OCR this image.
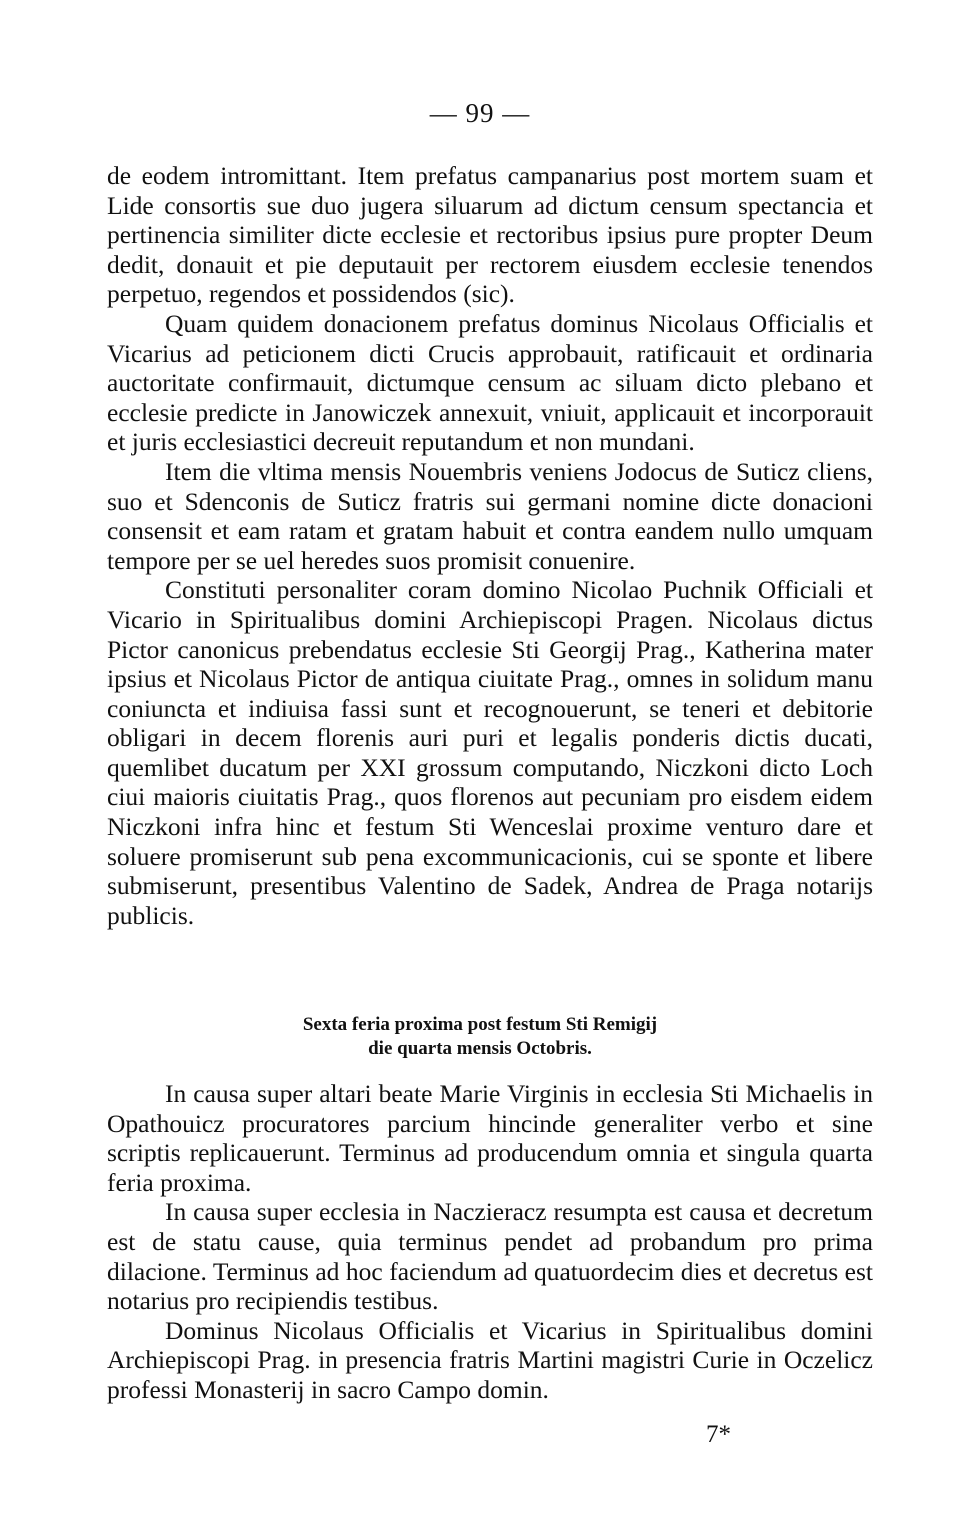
— 99 —

de eodem intromittant. Item prefatus campanarius post mortem suam et Lide consortis sue duo jugera siluarum ad dictum censum spectancia et pertinencia similiter dicte ecclesie et rectoribus ipsius pure propter Deum dedit, donauit et pie deputauit per rectorem eiusdem ecclesie tenendos perpetuo, regendos et possidendos (sic).

Quam quidem donacionem prefatus dominus Nicolaus Officialis et Vicarius ad peticionem dicti Crucis approbauit, ratificauit et ordinaria auctoritate confirmauit, dictumque censum ac siluam dicto plebano et ecclesie predicte in Janowiczek annexuit, vniuit, applicauit et incorporauit et juris ecclesiastici decreuit reputandum et non mundani.

Item die vltima mensis Nouembris veniens Jodocus de Suticz cliens, suo et Sdenconis de Suticz fratris sui germani nomine dicte donacioni consensit et eam ratam et gratam habuit et contra eandem nullo umquam tempore per se uel heredes suos promisit conuenire.

Constituti personaliter coram domino Nicolao Puchnik Officiali et Vicario in Spiritualibus domini Archiepiscopi Pragen. Nicolaus dictus Pictor canonicus prebendatus ecclesie Sti Georgij Prag., Katherina mater ipsius et Nicolaus Pictor de antiqua ciuitate Prag., omnes in solidum manu coniuncta et indiuisa fassi sunt et recognouerunt, se teneri et debitorie obligari in decem florenis auri puri et legalis ponderis dictis ducati, quemlibet ducatum per XXI grossum computando, Niczkoni dicto Loch ciui maioris ciuitatis Prag., quos florenos aut pecuniam pro eisdem eidem Niczkoni infra hinc et festum Sti Wenceslai proxime venturo dare et soluere promiserunt sub pena excommunicacionis, cui se sponte et libere submiserunt, presentibus Valentino de Sadek, Andrea de Praga notarijs publicis.

Sexta feria proxima post festum Sti Remigij
die quarta mensis Octobris.

In causa super altari beate Marie Virginis in ecclesia Sti Michaelis in Opathouicz procuratores parcium hincinde generaliter verbo et sine scriptis replicauerunt. Terminus ad producendum omnia et singula quarta feria proxima.

In causa super ecclesia in Naczieracz resumpta est causa et decretum est de statu cause, quia terminus pendet ad probandum pro prima dilacione. Terminus ad hoc faciendum ad quatuordecim dies et decretus est notarius pro recipiendis testibus.

Dominus Nicolaus Officialis et Vicarius in Spiritualibus domini Archiepiscopi Prag. in presencia fratris Martini magistri Curie in Oczelicz professi Monasterij in sacro Campo domin.

7*
